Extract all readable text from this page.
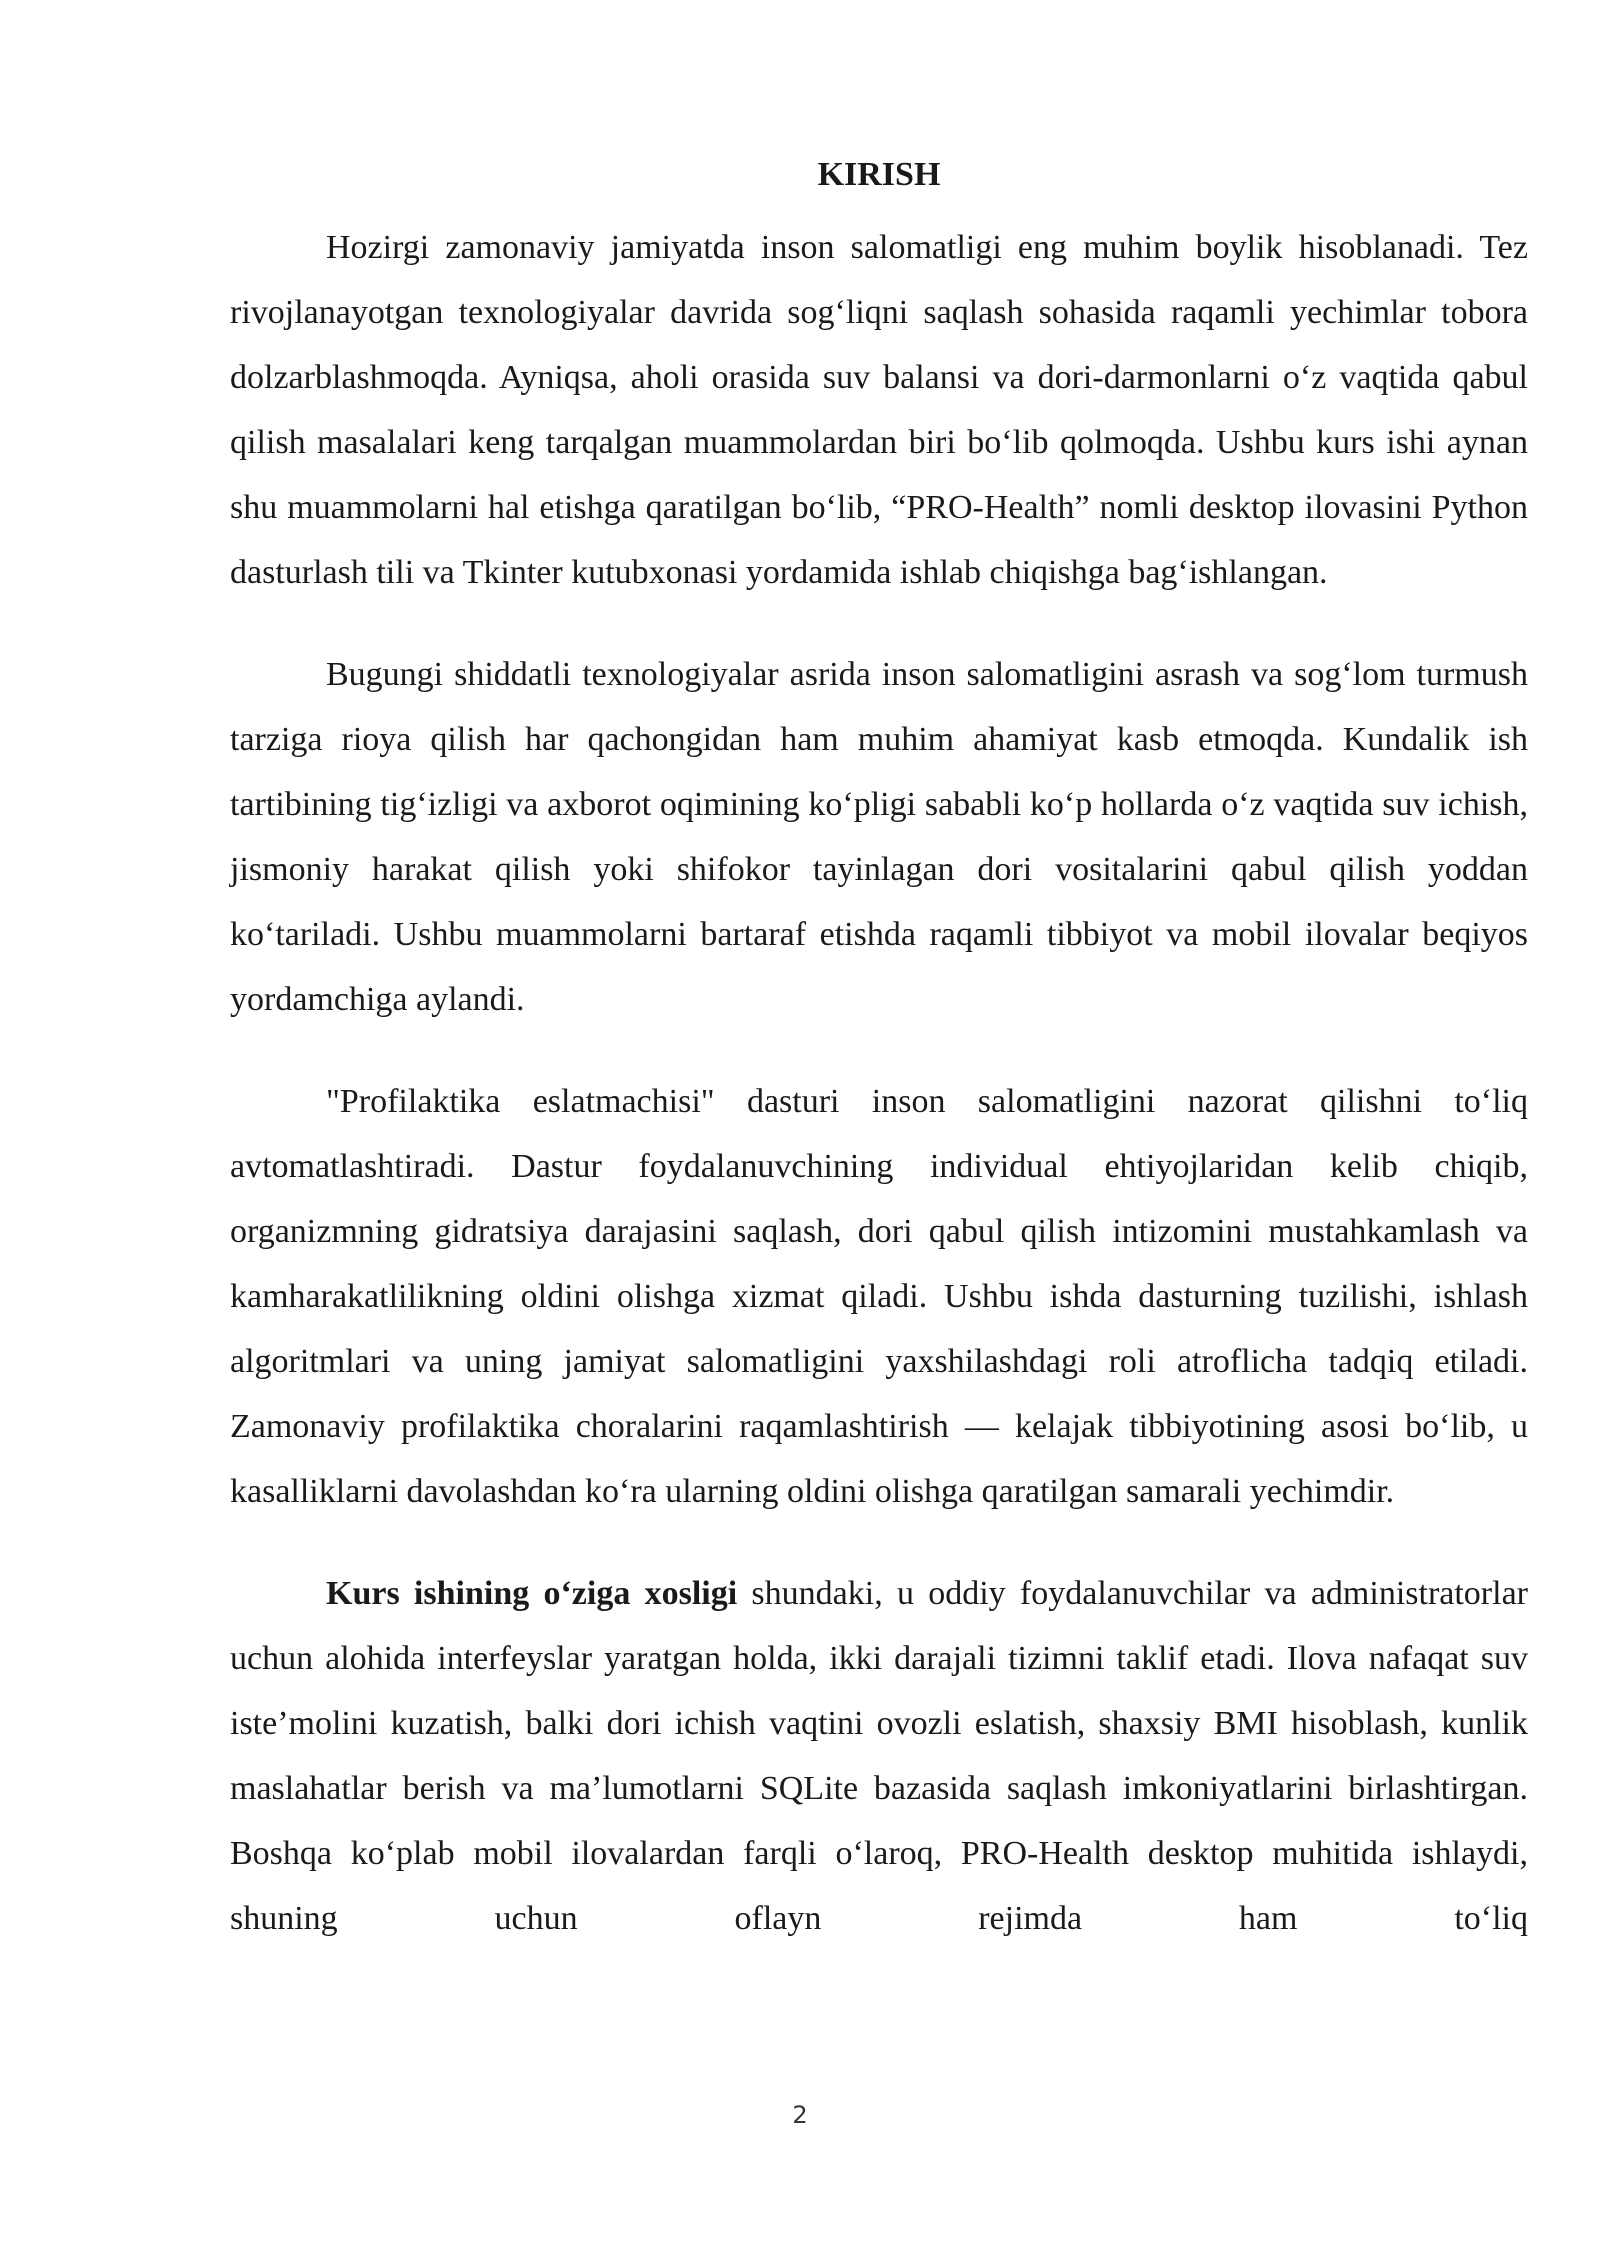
KIRISH

Hozirgi zamonaviy jamiyatda inson salomatligi eng muhim boylik hisoblanadi. Tez rivojlanayotgan texnologiyalar davrida sog‘liqni saqlash sohasida raqamli yechimlar tobora dolzarblashmoqda. Ayniqsa, aholi orasida suv balansi va dori-darmonlarni o‘z vaqtida qabul qilish masalalari keng tarqalgan muammolardan biri bo‘lib qolmoqda. Ushbu kurs ishi aynan shu muammolarni hal etishga qaratilgan bo‘lib, “PRO-Health” nomli desktop ilovasini Python dasturlash tili va Tkinter kutubxonasi yordamida ishlab chiqishga bag‘ishlangan.

Bugungi shiddatli texnologiyalar asrida inson salomatligini asrash va sog‘lom turmush tarziga rioya qilish har qachongidan ham muhim ahamiyat kasb etmoqda. Kundalik ish tartibining tig‘izligi va axborot oqimining ko‘pligi sababli ko‘p hollarda o‘z vaqtida suv ichish, jismoniy harakat qilish yoki shifokor tayinlagan dori vositalarini qabul qilish yoddan ko‘tariladi. Ushbu muammolarni bartaraf etishda raqamli tibbiyot va mobil ilovalar beqiyos yordamchiga aylandi.

"Profilaktika eslatmachisi" dasturi inson salomatligini nazorat qilishni to‘liq avtomatlashtiradi. Dastur foydalanuvchining individual ehtiyojlaridan kelib chiqib, organizmning gidratsiya darajasini saqlash, dori qabul qilish intizomini mustahkamlash va kamharakatlilikning oldini olishga xizmat qiladi. Ushbu ishda dasturning tuzilishi, ishlash algoritmlari va uning jamiyat salomatligini yaxshilashdagi roli atroflicha tadqiq etiladi. Zamonaviy profilaktika choralarini raqamlashtirish — kelajak tibbiyotining asosi bo‘lib, u kasalliklarni davolashdan ko‘ra ularning oldini olishga qaratilgan samarali yechimdir.

Kurs ishining o‘ziga xosligi shundaki, u oddiy foydalanuvchilar va administratorlar uchun alohida interfeyslar yaratgan holda, ikki darajali tizimni taklif etadi. Ilova nafaqat suv iste’molini kuzatish, balki dori ichish vaqtini ovozli eslatish, shaxsiy BMI hisoblash, kunlik maslahatlar berish va ma’lumotlarni SQLite bazasida saqlash imkoniyatlarini birlashtirgan. Boshqa ko‘plab mobil ilovalardan farqli o‘laroq, PRO-Health desktop muhitida ishlaydi, shuning uchun oflayn rejimda ham to‘liq

2
